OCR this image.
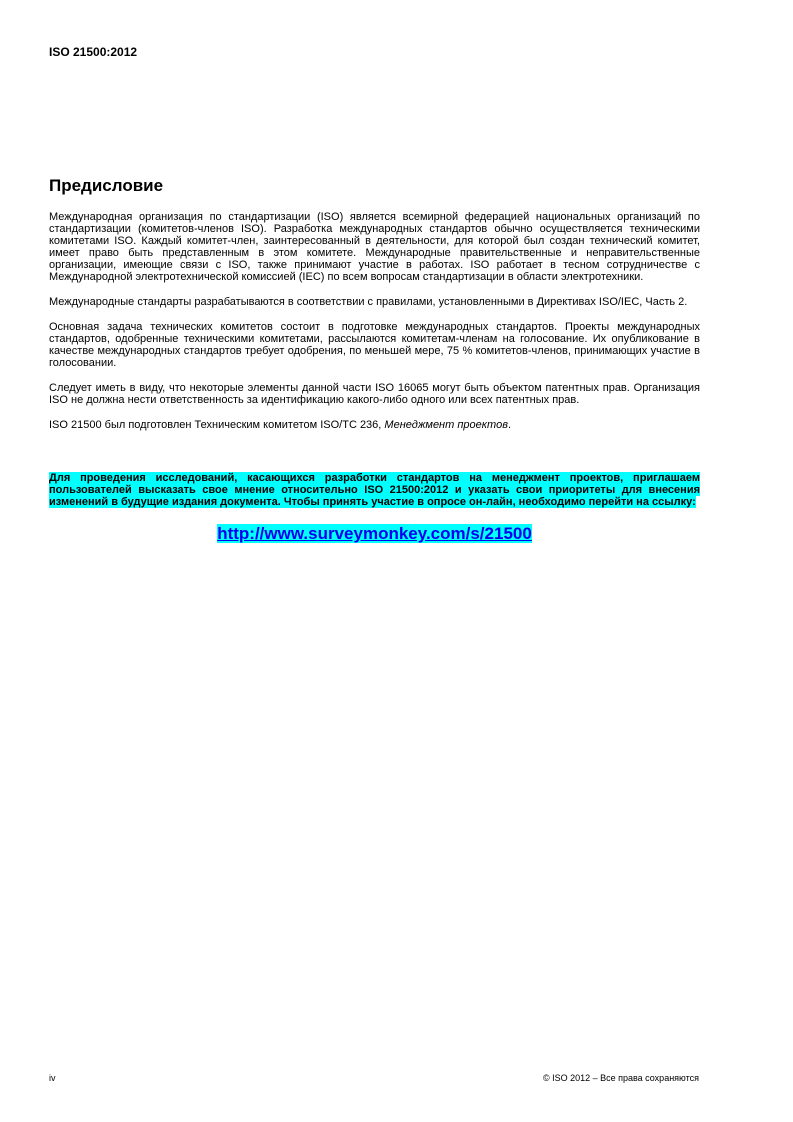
ISO 21500:2012
Предисловие

Международная организация по стандартизации (ISO) является всемирной федерацией национальных организаций по стандартизации (комитетов-членов ISO). Разработка международных стандартов обычно осуществляется техническими комитетами ISO. Каждый комитет-член, заинтересованный в деятельности, для которой был создан технический комитет, имеет право быть представленным в этом комитете. Международные правительственные и неправительственные организации, имеющие связи с ISO, также принимают участие в работах. ISO работает в тесном сотрудничестве с Международной электротехнической комиссией (IEC) по всем вопросам стандартизации в области электротехники.

Международные стандарты разрабатываются в соответствии с правилами, установленными в Директивах ISO/IEC, Часть 2.

Основная задача технических комитетов состоит в подготовке международных стандартов. Проекты международных стандартов, одобренные техническими комитетами, рассылаются комитетам-членам на голосование. Их опубликование в качестве международных стандартов требует одобрения, по меньшей мере, 75 % комитетов-членов, принимающих участие в голосовании.

Следует иметь в виду, что некоторые элементы данной части ISO 16065 могут быть объектом патентных прав. Организация ISO не должна нести ответственность за идентификацию какого-либо одного или всех патентных прав.

ISO 21500 был подготовлен Техническим комитетом ISO/TC 236, Менеджмент проектов.

Для проведения исследований, касающихся разработки стандартов на менеджмент проектов, приглашаем пользователей высказать свое мнение относительно ISO 21500:2012 и указать свои приоритеты для внесения изменений в будущие издания документа. Чтобы принять участие в опросе он-лайн, необходимо перейти на ссылку:

http://www.surveymonkey.com/s/21500
iv	© ISO 2012 – Все права сохраняются
